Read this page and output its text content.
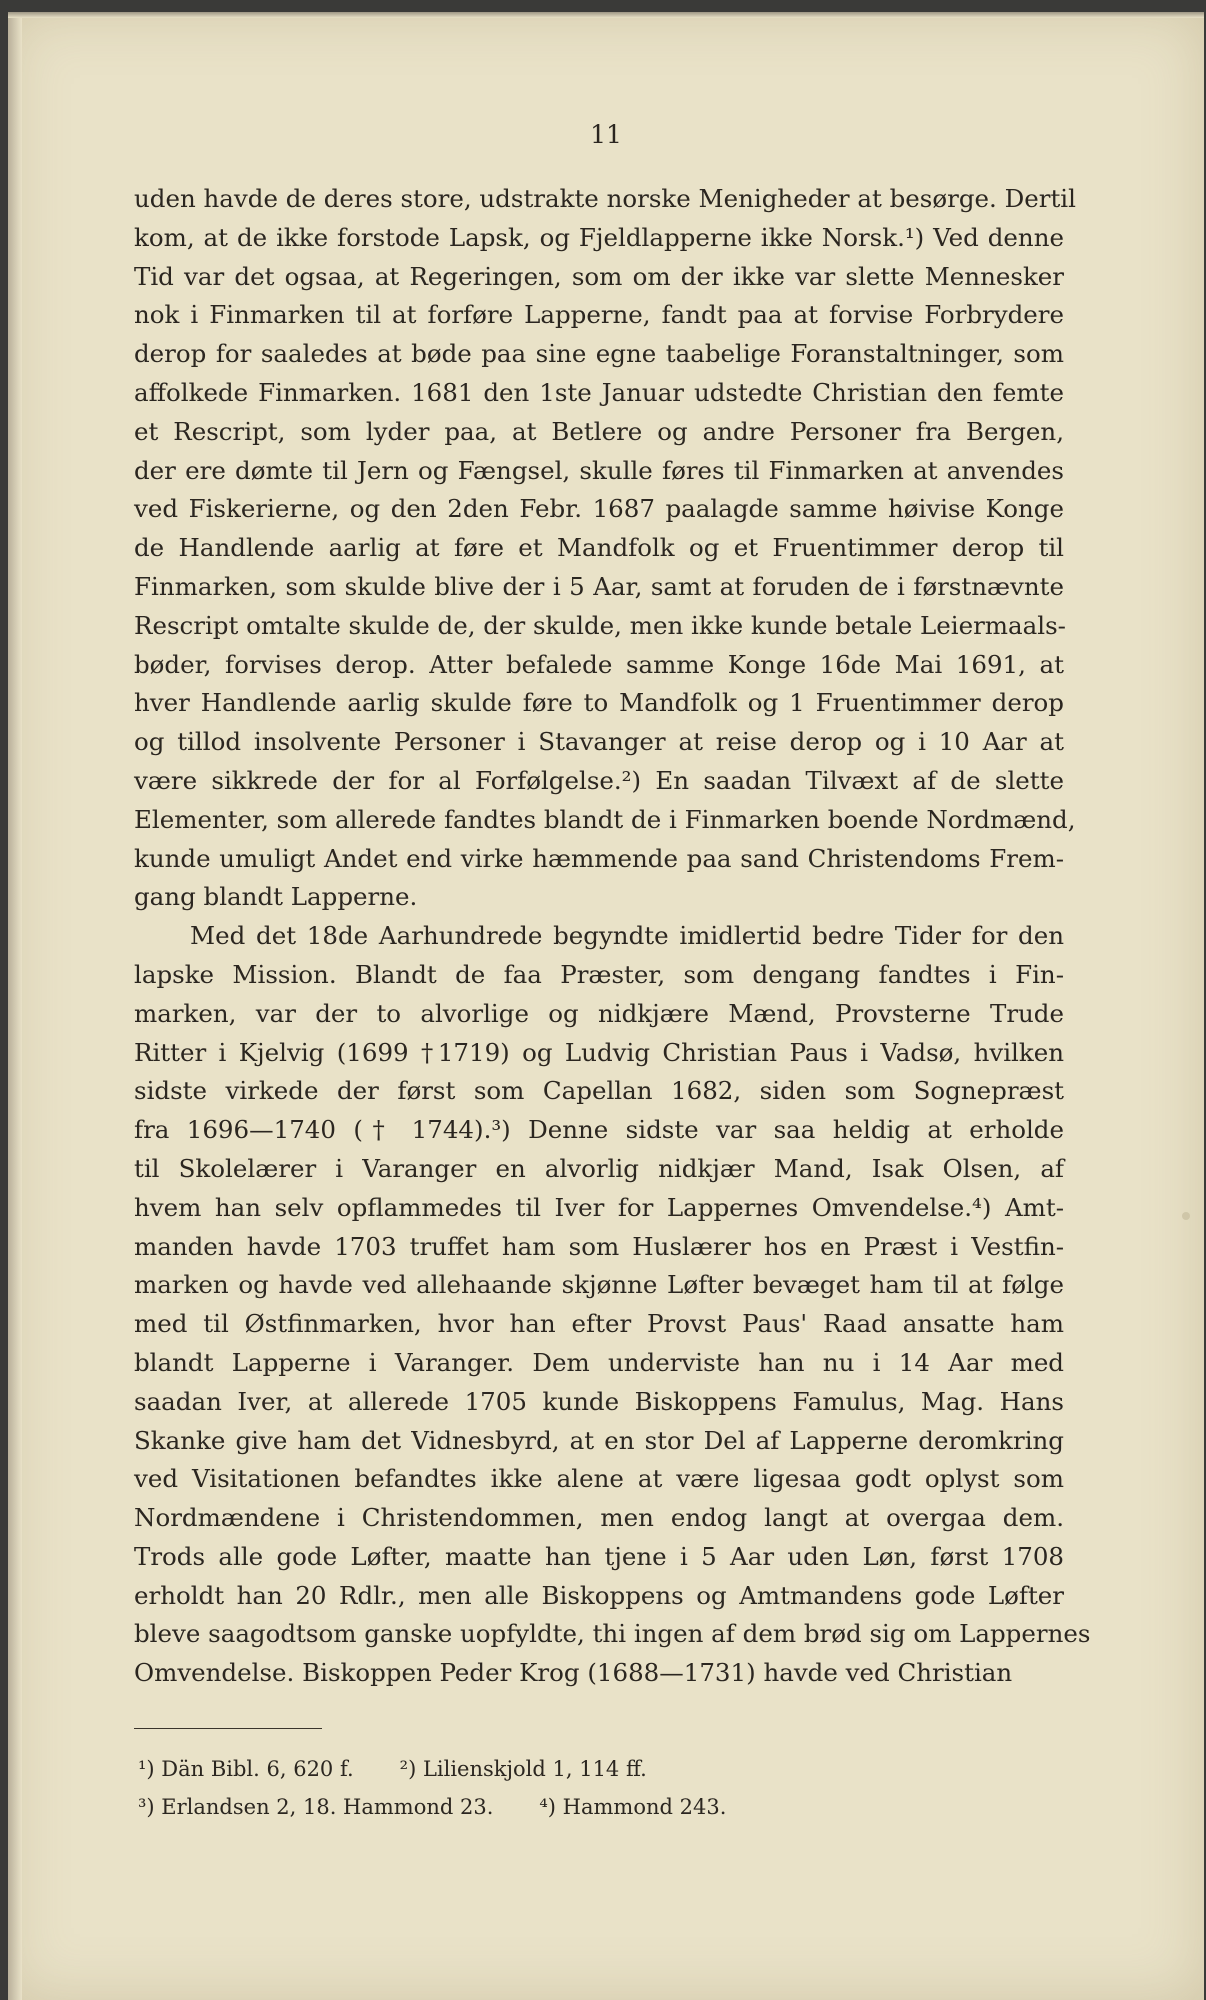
11
uden havde de deres store, udstrakte norske Menigheder at besørge. Dertil
kom, at de ikke forstode Lapsk, og Fjeldlapperne ikke Norsk.¹) Ved denne
Tid var det ogsaa, at Regeringen, som om der ikke var slette Mennesker
nok i Finmarken til at forføre Lapperne, fandt paa at forvise Forbrydere
derop for saaledes at bøde paa sine egne taabelige Foranstaltninger, som
affolkede Finmarken. 1681 den 1ste Januar udstedte Christian den femte
et Rescript, som lyder paa, at Betlere og andre Personer fra Bergen,
der ere dømte til Jern og Fængsel, skulle føres til Finmarken at anvendes
ved Fiskerierne, og den 2den Febr. 1687 paalagde samme høivise Konge
de Handlende aarlig at føre et Mandfolk og et Fruentimmer derop til
Finmarken, som skulde blive der i 5 Aar, samt at foruden de i førstnævnte
Rescript omtalte skulde de, der skulde, men ikke kunde betale Leiermaals-
bøder, forvises derop. Atter befalede samme Konge 16de Mai 1691, at
hver Handlende aarlig skulde føre to Mandfolk og 1 Fruentimmer derop
og tillod insolvente Personer i Stavanger at reise derop og i 10 Aar at
være sikkrede der for al Forfølgelse.²) En saadan Tilvæxt af de slette
Elementer, som allerede fandtes blandt de i Finmarken boende Nordmænd,
kunde umuligt Andet end virke hæmmende paa sand Christendoms Frem-
gang blandt Lapperne.
Med det 18de Aarhundrede begyndte imidlertid bedre Tider for den
lapske Mission. Blandt de faa Præster, som dengang fandtes i Fin-
marken, var der to alvorlige og nidkjære Mænd, Provsterne Trude
Ritter i Kjelvig (1699 †1719) og Ludvig Christian Paus i Vadsø, hvilken
sidste virkede der først som Capellan 1682, siden som Sognepræst
fra 1696—1740 († 1744).³) Denne sidste var saa heldig at erholde
til Skolelærer i Varanger en alvorlig nidkjær Mand, Isak Olsen, af
hvem han selv opflammedes til Iver for Lappernes Omvendelse.⁴) Amt-
manden havde 1703 truffet ham som Huslærer hos en Præst i Vestfin-
marken og havde ved allehaande skjønne Løfter bevæget ham til at følge
med til Østfinmarken, hvor han efter Provst Paus' Raad ansatte ham
blandt Lapperne i Varanger. Dem underviste han nu i 14 Aar med
saadan Iver, at allerede 1705 kunde Biskoppens Famulus, Mag. Hans
Skanke give ham det Vidnesbyrd, at en stor Del af Lapperne deromkring
ved Visitationen befandtes ikke alene at være ligesaa godt oplyst som
Nordmændene i Christendommen, men endog langt at overgaa dem.
Trods alle gode Løfter, maatte han tjene i 5 Aar uden Løn, først 1708
erholdt han 20 Rdlr., men alle Biskoppens og Amtmandens gode Løfter
bleve saagodtsom ganske uopfyldte, thi ingen af dem brød sig om Lappernes
Omvendelse. Biskoppen Peder Krog (1688—1731) havde ved Christian
¹) Dän Bibl. 6, 620 f. ²) Lilienskjold 1, 114 ff.
³) Erlandsen 2, 18. Hammond 23. ⁴) Hammond 243.
